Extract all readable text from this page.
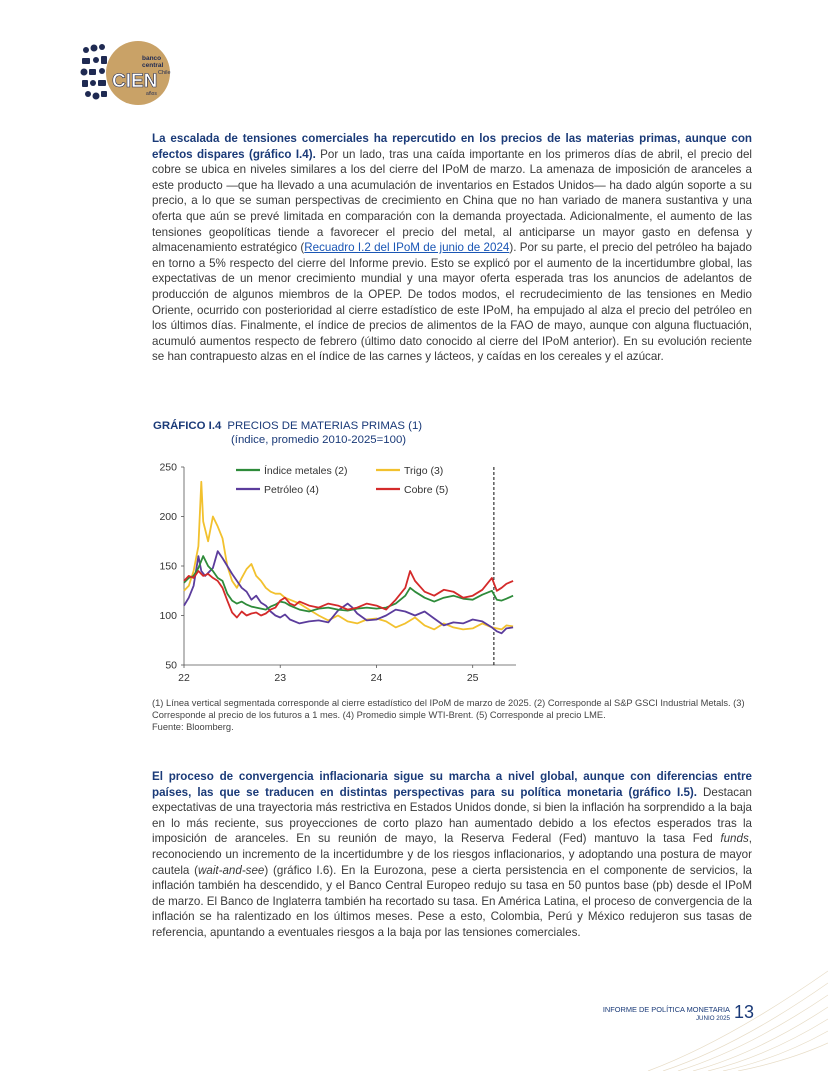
banco
central
Chile
CIEN
años

La escalada de tensiones comerciales ha repercutido en los precios de las materias primas, aunque con efectos dispares (gráfico I.4). Por un lado, tras una caída importante en los primeros días de abril, el precio del cobre se ubica en niveles similares a los del cierre del IPoM de marzo. La amenaza de imposición de aranceles a este producto —que ha llevado a una acumulación de inventarios en Estados Unidos— ha dado algún soporte a su precio, a lo que se suman perspectivas de crecimiento en China que no han variado de manera sustantiva y una oferta que aún se prevé limitada en comparación con la demanda proyectada. Adicionalmente, el aumento de las tensiones geopolíticas tiende a favorecer el precio del metal, al anticiparse un mayor gasto en defensa y almacenamiento estratégico (Recuadro I.2 del IPoM de junio de 2024). Por su parte, el precio del petróleo ha bajado en torno a 5% respecto del cierre del Informe previo. Esto se explicó por el aumento de la incertidumbre global, las expectativas de un menor crecimiento mundial y una mayor oferta esperada tras los anuncios de adelantos de producción de algunos miembros de la OPEP. De todos modos, el recrudecimiento de las tensiones en Medio Oriente, ocurrido con posterioridad al cierre estadístico de este IPoM, ha empujado al alza el precio del petróleo en los últimos días. Finalmente, el índice de precios de alimentos de la FAO de mayo, aunque con alguna fluctuación, acumuló aumentos respecto de febrero (último dato conocido al cierre del IPoM anterior). En su evolución reciente se han contrapuesto alzas en el índice de las carnes y lácteos, y caídas en los cereales y el azúcar.

GRÁFICO I.4 PRECIOS DE MATERIAS PRIMAS (1)
(índice, promedio 2010-2025=100)
50
100
150
200
250
22	23	24	25
Índice metales (2)	Trigo (3)
Petróleo (4)	Cobre (5)
(1) Línea vertical segmentada corresponde al cierre estadístico del IPoM de marzo de 2025. (2) Corresponde al S&P GSCI Industrial Metals. (3) Corresponde al precio de los futuros a 1 mes. (4) Promedio simple WTI-Brent. (5) Corresponde al precio LME.
Fuente: Bloomberg.

El proceso de convergencia inflacionaria sigue su marcha a nivel global, aunque con diferencias entre países, las que se traducen en distintas perspectivas para su política monetaria (gráfico I.5). Destacan expectativas de una trayectoria más restrictiva en Estados Unidos donde, si bien la inflación ha sorprendido a la baja en lo más reciente, sus proyecciones de corto plazo han aumentado debido a los efectos esperados tras la imposición de aranceles. En su reunión de mayo, la Reserva Federal (Fed) mantuvo la tasa Fed funds, reconociendo un incremento de la incertidumbre y de los riesgos inflacionarios, y adoptando una postura de mayor cautela (wait-and-see) (gráfico I.6). En la Eurozona, pese a cierta persistencia en el componente de servicios, la inflación también ha descendido, y el Banco Central Europeo redujo su tasa en 50 puntos base (pb) desde el IPoM de marzo. El Banco de Inglaterra también ha recortado su tasa. En América Latina, el proceso de convergencia de la inflación se ha ralentizado en los últimos meses. Pese a esto, Colombia, Perú y México redujeron sus tasas de referencia, apuntando a eventuales riesgos a la baja por las tensiones comerciales.

INFORME DE POLÍTICA MONETARIA
JUNIO 2025 13
